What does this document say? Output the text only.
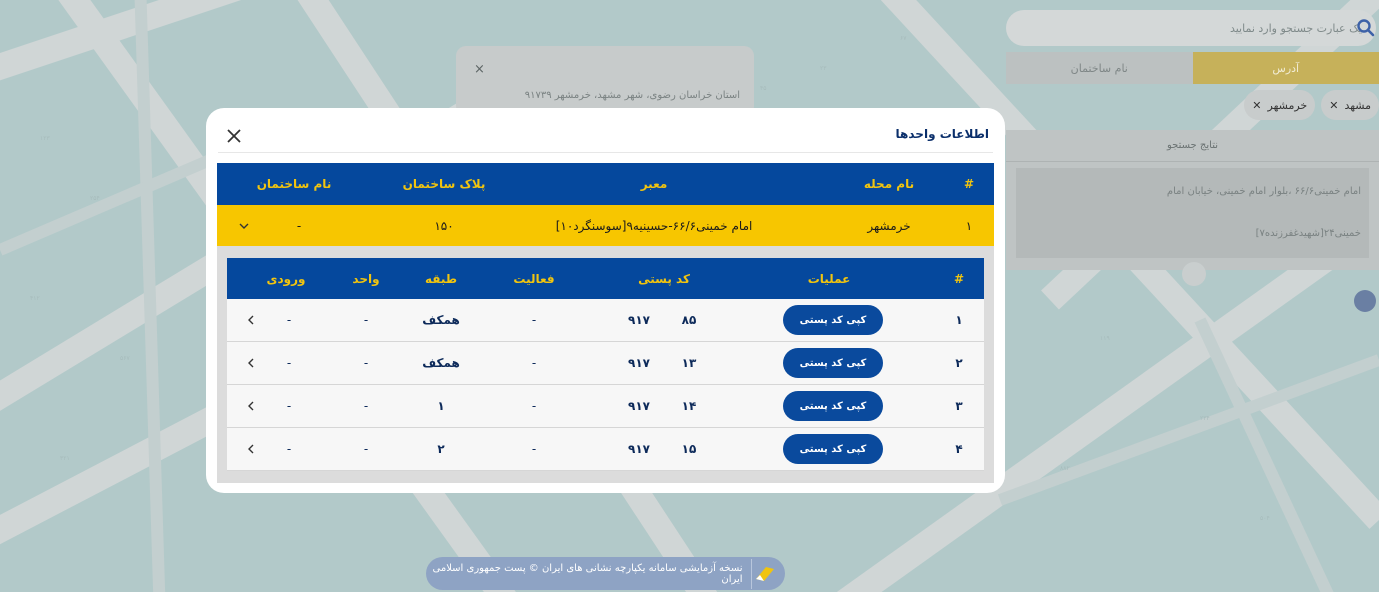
۱۲۳
۲۵۴
۴۱۲
۵۶۷
۳۲۱
۱۱۹
۲۳۴
۸۸۲
۵۰۴
۲۳
۴۵
۶۷
×
استان خراسان رضوی، شهر مشهد، خرمشهر ۹۱۷۳۹
یک عبارت جستجو وارد نمایید
آدرس
نام ساختمان
مشهد
✕
خرمشهر
✕
نتایج جستجو
امام خمینی۶۶/۶ ،بلوار امام خمینی، خیابان امام
خمینی۲۴[شهیدغفرزنده۷]
اطلاعات واحدها
#
نام محله
معبر
پلاک ساختمان
نام ساختمان
۱
خرمشهر
امام خمینی۶۶/۶-حسینیه۹[سوسنگرد۱۰]
۱۵۰
-
#
عملیات
کد پستی
فعالیت
طبقه
واحد
ورودی
۱
کپی کد پستی
۸۵
۹۱۷
-
همکف
-
-
۲
کپی کد پستی
۱۳
۹۱۷
-
همکف
-
-
۳
کپی کد پستی
۱۴
۹۱۷
-
۱
-
-
۴
کپی کد پستی
۱۵
۹۱۷
-
۲
-
-
نسخه آزمایشی سامانه یکپارچه نشانی های ایران © پست جمهوری اسلامی ایران
